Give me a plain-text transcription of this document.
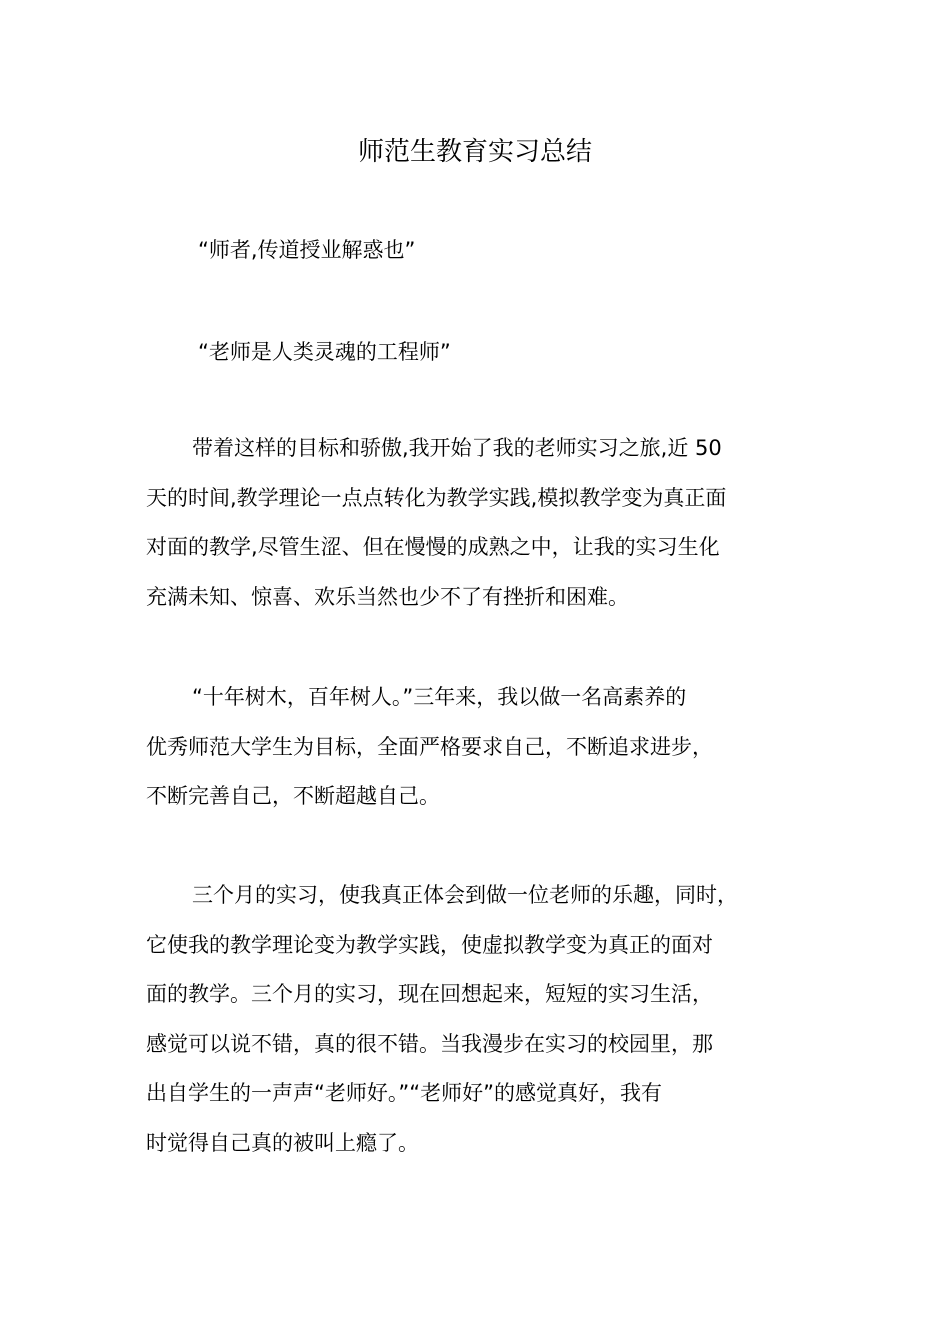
师范生教育实习总结
“师者,传道授业解惑也”
“老师是人类灵魂的工程师”
带着这样的目标和骄傲,我开始了我的老师实习之旅,近 50
天的时间,教学理论一点点转化为教学实践,模拟教学变为真正面
对面的教学,尽管生涩、但在慢慢的成熟之中，让我的实习生化
充满未知、惊喜、欢乐当然也少不了有挫折和困难。
“十年树木，百年树人。”三年来，我以做一名高素养的
优秀师范大学生为目标，全面严格要求自己，不断追求进步，
不断完善自己，不断超越自己。
三个月的实习，使我真正体会到做一位老师的乐趣，同时，
它使我的教学理论变为教学实践，使虚拟教学变为真正的面对
面的教学。三个月的实习，现在回想起来，短短的实习生活，
感觉可以说不错，真的很不错。当我漫步在实习的校园里，那
出自学生的一声声“老师好。”“老师好”的感觉真好，我有
时觉得自己真的被叫上瘾了。
